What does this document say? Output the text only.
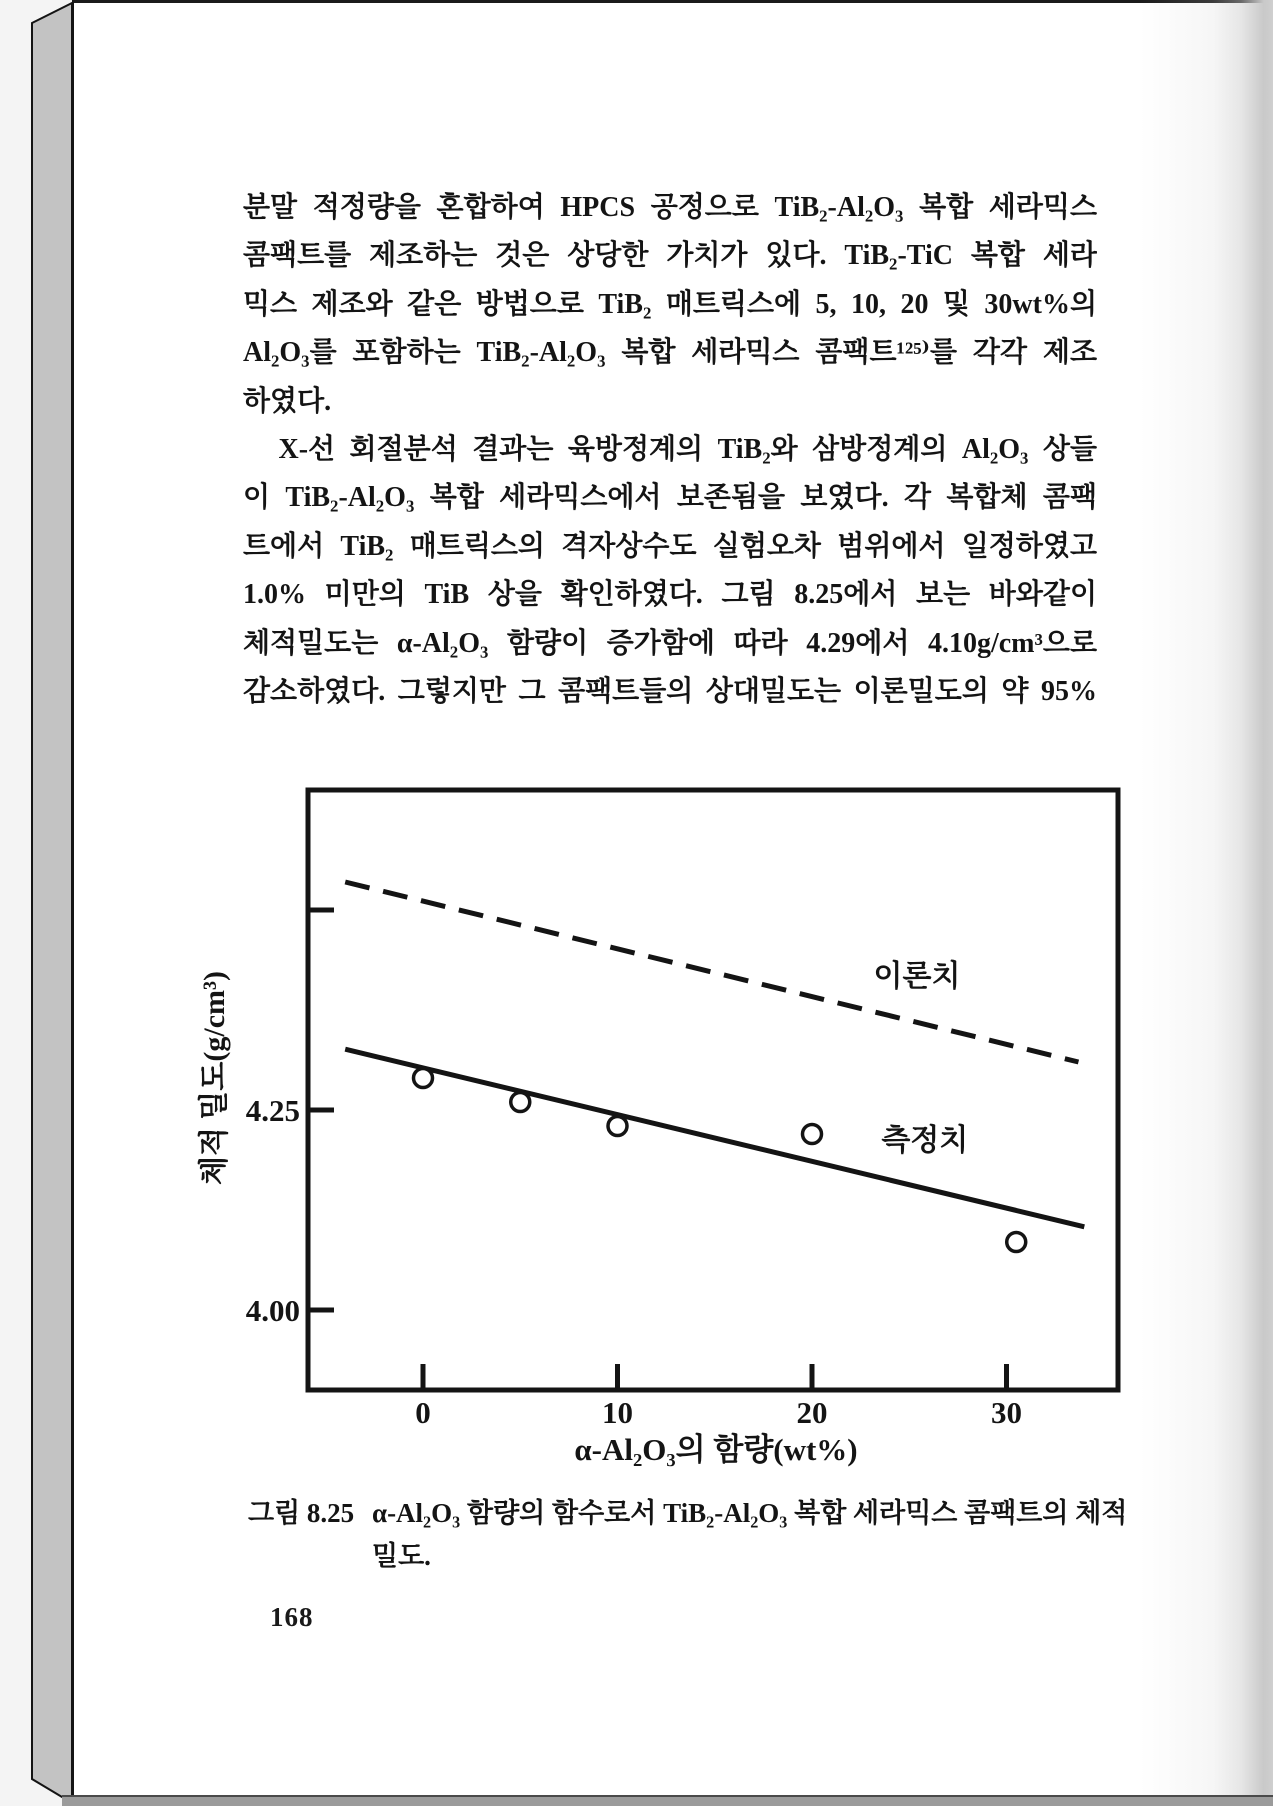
분말 적정량을 혼합하여 HPCS 공정으로 TiB₂-Al₂O₃ 복합 세라믹스
콤팩트를 제조하는 것은 상당한 가치가 있다. TiB₂-TiC 복합 세라
믹스 제조와 같은 방법으로 TiB₂ 매트릭스에 5, 10, 20 및 30wt%의
Al₂O₃를 포함하는 TiB₂-Al₂O₃ 복합 세라믹스 콤팩트¹²⁵⁾를 각각 제조
하였다.
　X-선 회절분석 결과는 육방정계의 TiB₂와 삼방정계의 Al₂O₃ 상들
이 TiB₂-Al₂O₃ 복합 세라믹스에서 보존됨을 보였다. 각 복합체 콤팩
트에서 TiB₂ 매트릭스의 격자상수도 실험오차 범위에서 일정하였고
1.0% 미만의 TiB 상을 확인하였다. 그림 8.25에서 보는 바와같이
체적밀도는 α-Al₂O₃ 함량이 증가함에 따라 4.29에서 4.10g/cm³으로
감소하였다. 그렇지만 그 콤팩트들의 상대밀도는 이론밀도의 약 95%
4.25
4.00
0	10	20	30
이론치
측정치
α-Al₂O₃의 함량(wt%)
체적 밀도(g/cm³)
그림 8.25 α-Al₂O₃ 함량의 함수로서 TiB₂-Al₂O₃ 복합 세라믹스 콤팩트의 체적
밀도.
168
